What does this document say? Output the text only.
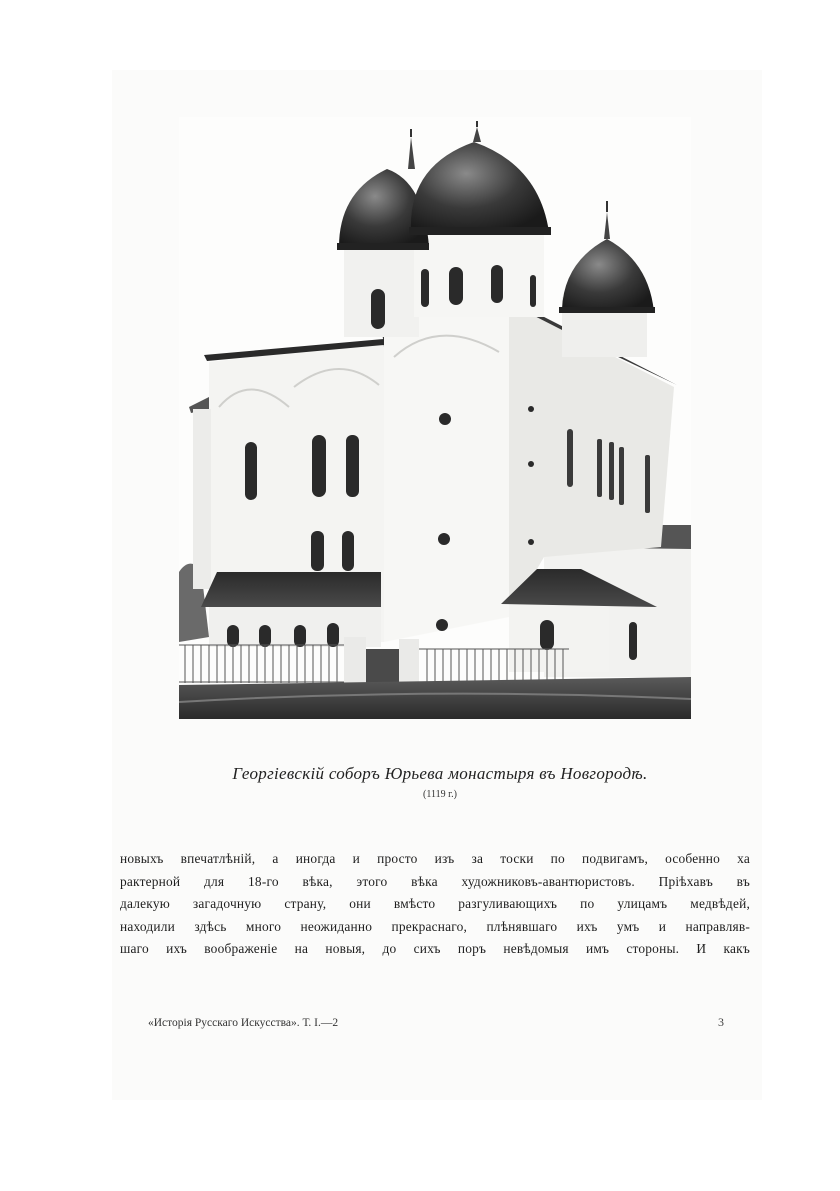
Георгіевскій соборъ Юрьева монастыря въ Новгородѣ.
(1119 г.)
новыхъ впечатлѣній, а иногда и просто изъ за тоски по подвигамъ, особенно ха
рактерной для 18-го вѣка, этого вѣка художниковъ-авантюристовъ. Пріѣхавъ въ
далекую загадочную страну, они вмѣсто разгуливающихъ по улицамъ медвѣдей,
находили здѣсь много неожиданно прекраснаго, плѣнявшаго ихъ умъ и направляв-
шаго ихъ воображеніе на новыя, до сихъ поръ невѣдомыя имъ стороны. И какъ
«Исторія Русскаго Искусства». Т. I.—2	3
